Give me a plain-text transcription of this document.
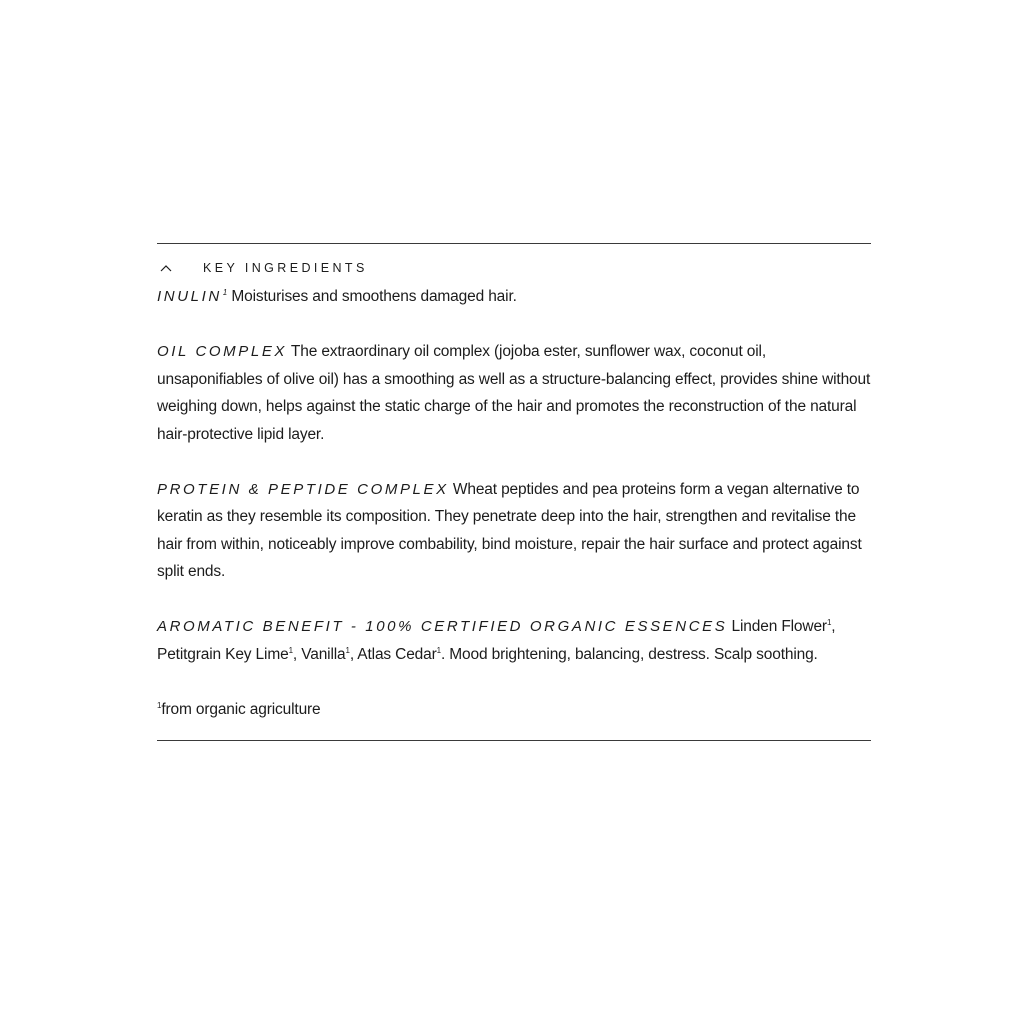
KEY INGREDIENTS

INULIN$^1$ Moisturises and smoothens damaged hair.

OIL COMPLEX The extraordinary oil complex (jojoba ester, sunflower wax, coconut oil, unsaponifiables of olive oil) has a smoothing as well as a structure-balancing effect, provides shine without weighing down, helps against the static charge of the hair and promotes the reconstruction of the natural hair-protective lipid layer.

PROTEIN & PEPTIDE COMPLEX Wheat peptides and pea proteins form a vegan alternative to keratin as they resemble its composition. They penetrate deep into the hair, strengthen and revitalise the hair from within, noticeably improve combability, bind moisture, repair the hair surface and protect against split ends.

AROMATIC BENEFIT - 100% CERTIFIED ORGANIC ESSENCES Linden Flower$^1$, Petitgrain Key Lime$^1$, Vanilla$^1$, Atlas Cedar$^1$. Mood brightening, balancing, destress. Scalp soothing.

$^1$from organic agriculture
